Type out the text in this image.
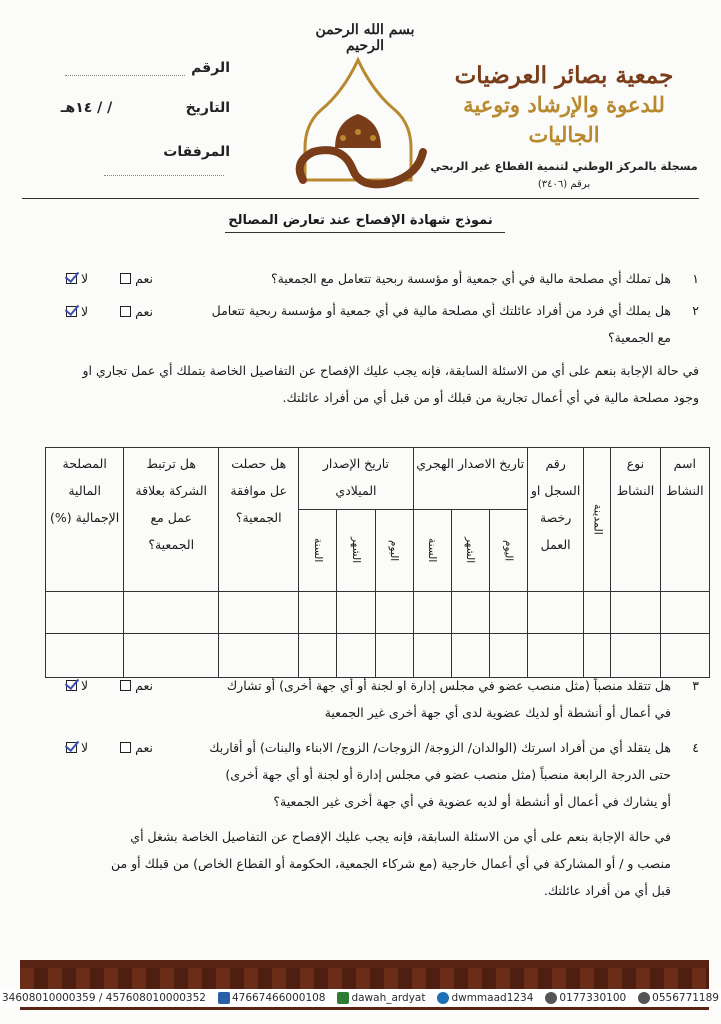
جمعية بصائر العرضيات
للدعوة والإرشاد وتوعية الجاليات
مسجلة بالمركز الوطني لتنمية القطاع غير الربحي
برقم (٣٤٠٦)
بسم الله الرحمن الرحيم
الرقم
التاريخ / / ١٤هـ
المرفقات
نموذج شهادة الإفصاح عند تعارض المصالح
١
هل تملك أي مصلحة مالية في أي جمعية أو مؤسسة ربحية تتعامل مع الجمعية؟
نعم
لا
٢
هل يملك أي فرد من أفراد عائلتك أي مصلحة مالية في أي جمعية أو مؤسسة ربحية تتعامل
مع الجمعية؟
نعم
لا
في حالة الإجابة بنعم على أي من الاسئلة السابقة، فإنه يجب عليك الإفصاح عن التفاصيل الخاصة بتملك أي عمل تجاري او
وجود مصلحة مالية في أي أعمال تجارية من قبلك أو من قبل أي من أفراد عائلتك.
اسم النشاط	نوع النشاط	المدينة	رقم السجل او رخصة العمل	تاريخ الاصدار الهجري			تاريخ الإصدار الميلادي			هل حصلت عل موافقة الجمعية؟	هل ترتبط الشركة بعلاقة عمل مع الجمعية؟	المصلحة المالية الإجمالية (%)
				اليوم	الشهر	السنة	اليوم	الشهر	السنة			

٣
هل تتقلد منصباً (مثل منصب عضو في مجلس إدارة او لجنة أو أي جهة أخرى) أو تشارك
في أعمال أو أنشطة أو لديك عضوية لدى أي جهة أخرى غير الجمعية
نعم
لا
٤
هل يتقلد أي من أفراد اسرتك (الوالدان/ الزوجة/ الزوجات/ الزوج/ الابناء والبنات) أو أقاربك
حتى الدرجة الرابعة منصباً (مثل منصب عضو في مجلس إدارة أو لجنة أو أي جهة أخرى)
أو يشارك في أعمال أو أنشطة أو لديه عضوية في أي جهة أخرى غير الجمعية؟
نعم
لا
في حالة الإجابة بنعم على أي من الاسئلة السابقة، فإنه يجب عليك الإفصاح عن التفاصيل الخاصة بشغل أي
منصب و / أو المشاركة في أي أعمال خارجية (مع شركاء الجمعية، الحكومة أو القطاع الخاص) من قبلك أو من
قبل أي من أفراد عائلتك.
34608010000359 / 457608010000352	47667466000108	dawah_ardyat	dwmmaad1234	0177330100	0556771189
